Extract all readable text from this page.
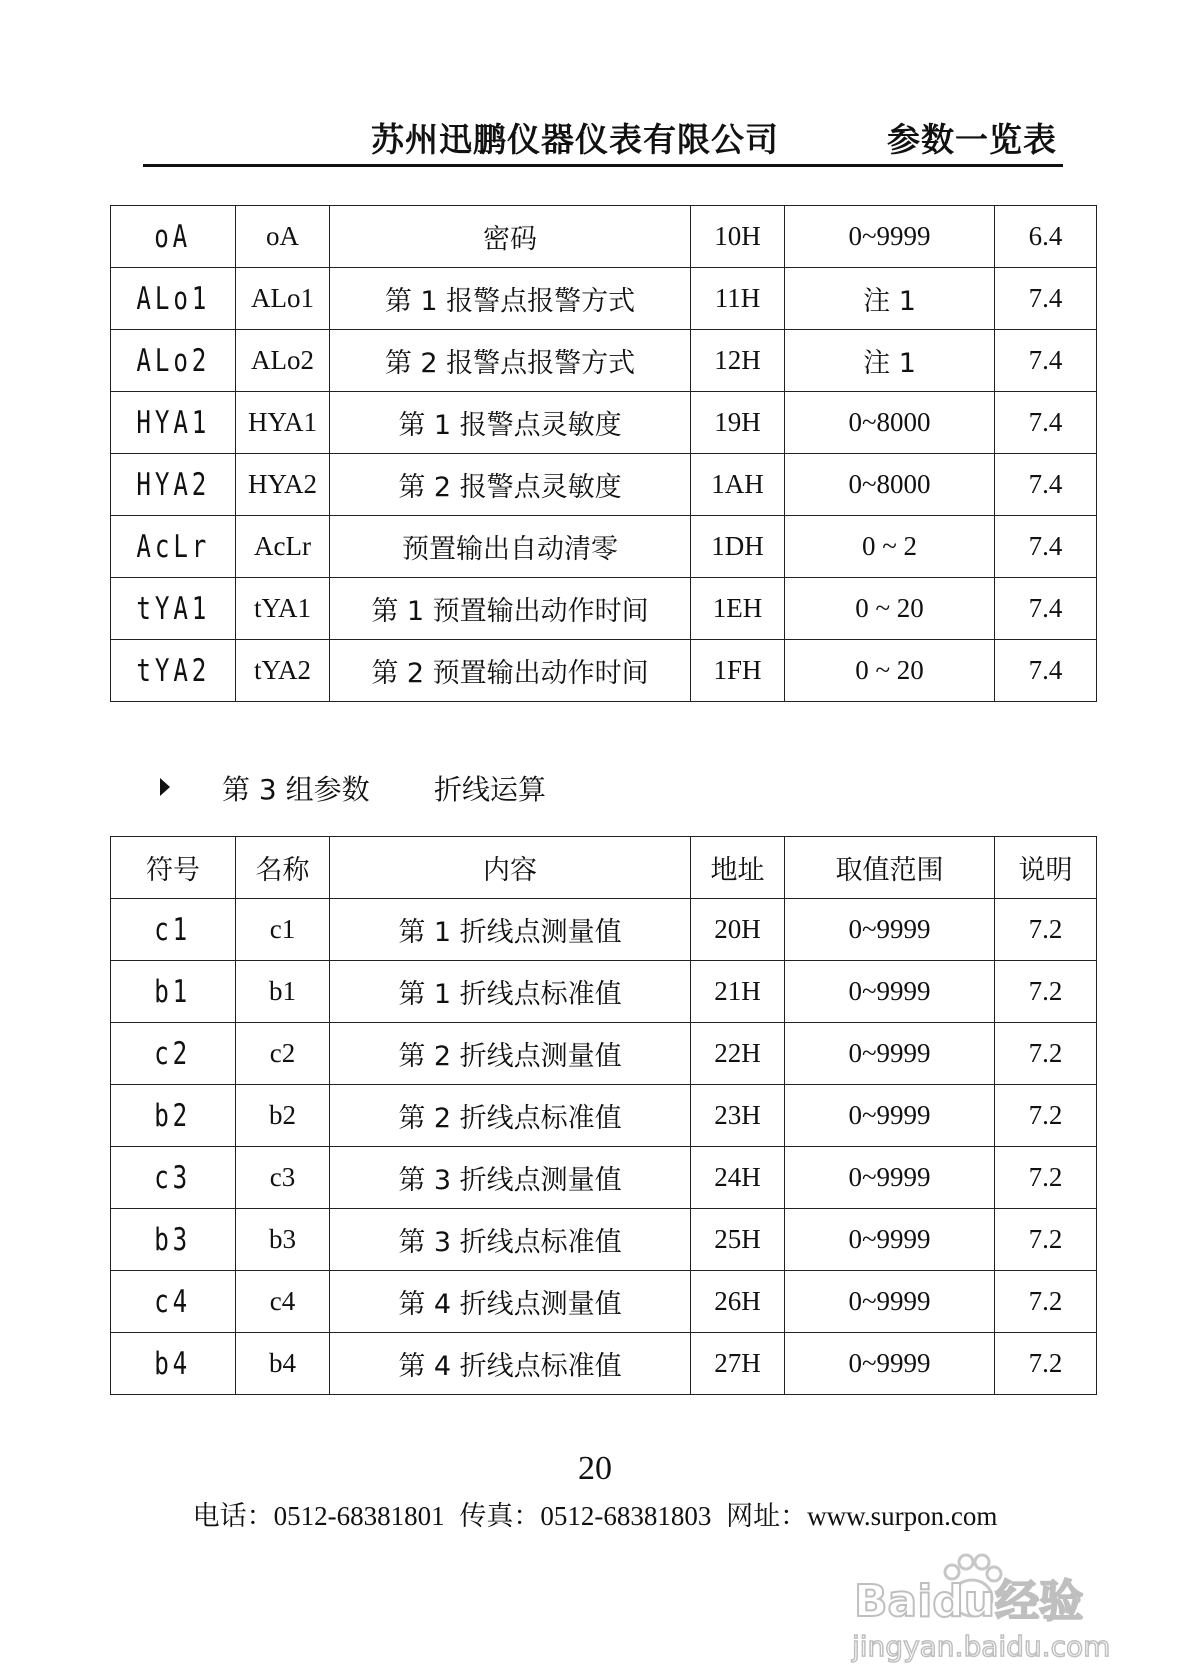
苏州迅鹏仪器仪表有限公司	参数一览表
oA	oA	密码	10H	0~9999	6.4
ALo1	ALo1	第 1 报警点报警方式	11H	注 1	7.4
ALo2	ALo2	第 2 报警点报警方式	12H	注 1	7.4
HYA1	HYA1	第 1 报警点灵敏度	19H	0~8000	7.4
HYA2	HYA2	第 2 报警点灵敏度	1AH	0~8000	7.4
AcLr	AcLr	预置输出自动清零	1DH	0 ~ 2	7.4
tYA1	tYA1	第 1 预置输出动作时间	1EH	0 ~ 20	7.4
tYA2	tYA2	第 2 预置输出动作时间	1FH	0 ~ 20	7.4
第 3 组参数 折线运算
符号	名称	内容	地址	取值范围	说明
c1	c1	第 1 折线点测量值	20H	0~9999	7.2
b1	b1	第 1 折线点标准值	21H	0~9999	7.2
c2	c2	第 2 折线点测量值	22H	0~9999	7.2
b2	b2	第 2 折线点标准值	23H	0~9999	7.2
c3	c3	第 3 折线点测量值	24H	0~9999	7.2
b3	b3	第 3 折线点标准值	25H	0~9999	7.2
c4	c4	第 4 折线点测量值	26H	0~9999	7.2
b4	b4	第 4 折线点标准值	27H	0~9999	7.2
20
电话：0512-68381801 传真：0512-68381803 网址：www.surpon.com
Baidu经验
jingyan.baidu.com
